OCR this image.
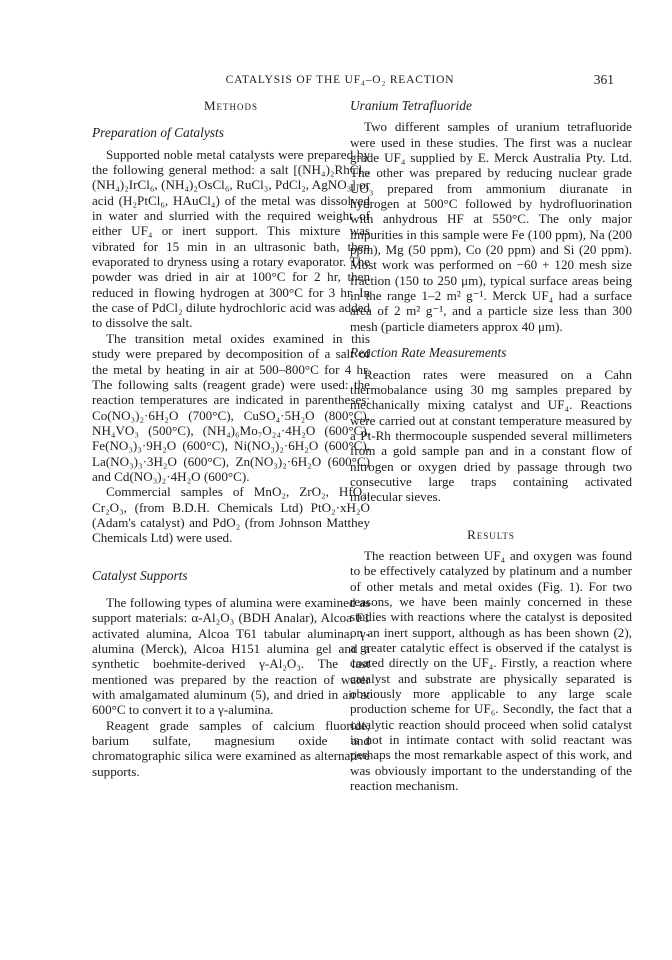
CATALYSIS OF THE UF₄–O₂ REACTION	361
Methods
Preparation of Catalysts

Supported noble metal catalysts were prepared by the following general method: a salt [(NH₄)₂RhCl₆, (NH₄)₂IrCl₆, (NH₄)₂OsCl₆, RuCl₃, PdCl₂, AgNO₃] or acid (H₂PtCl₆, HAuCl₄) of the metal was dissolved in water and slurried with the required weight of either UF₄ or inert support. This mixture was vibrated for 15 min in an ultrasonic bath, then evaporated to dryness using a rotary evaporator. The powder was dried in air at 100°C for 2 hr, then reduced in flowing hydrogen at 300°C for 3 hr. In the case of PdCl₂ dilute hydrochloric acid was added to dissolve the salt.

The transition metal oxides examined in this study were prepared by decomposition of a salt of the metal by heating in air at 500–800°C for 4 hr. The following salts (reagent grade) were used: the reaction temperatures are indicated in parentheses: Co(NO₃)₂·6H₂O (700°C), CuSO₄·5H₂O (800°C), NH₄VO₃ (500°C), (NH₄)₆Mo₇O₂₄·4H₂O (600°C), Fe(NO₃)₃·9H₂O (600°C), Ni(NO₃)₂·6H₂O (600°C), La(NO₃)₃·3H₂O (600°C), Zn(NO₃)₂·6H₂O (600°C) and Cd(NO₃)₂·4H₂O (600°C).

Commercial samples of MnO₂, ZrO₂, HfO₂, Cr₂O₃, (from B.D.H. Chemicals Ltd) PtO₂·xH₂O (Adam's catalyst) and PdO₂ (from Johnson Matthey Chemicals Ltd) were used.

Catalyst Supports

The following types of alumina were examined as support materials: α-Al₂O₃ (BDH Analar), Alcoa F1 activated alumina, Alcoa T61 tabular alumina, γ-alumina (Merck), Alcoa H151 alumina gel and a synthetic boehmite-derived γ-Al₂O₃. The last mentioned was prepared by the reaction of water with amalgamated aluminum (5), and dried in air at 600°C to convert it to a γ-alumina.

Reagent grade samples of calcium fluoride, barium sulfate, magnesium oxide and chromatographic silica were examined as alternative supports.

Uranium Tetrafluoride

Two different samples of uranium tetrafluoride were used in these studies. The first was a nuclear grade UF₄ supplied by E. Merck Australia Pty. Ltd. The other was prepared by reducing nuclear grade UO₃ prepared from ammonium diuranate in hydrogen at 500°C followed by hydrofluorination with anhydrous HF at 550°C. The only major impurities in this sample were Fe (100 ppm), Na (200 ppm), Mg (50 ppm), Co (20 ppm) and Si (20 ppm). Most work was performed on −60 + 120 mesh size fraction (150 to 250 μm), typical surface areas being in the range 1–2 m² g⁻¹. Merck UF₄ had a surface area of 2 m² g⁻¹, and a particle size less than 300 mesh (particle diameters approx 40 μm).

Reaction Rate Measurements

Reaction rates were measured on a Cahn thermobalance using 30 mg samples prepared by mechanically mixing catalyst and UF₄. Reactions were carried out at constant temperature measured by a Pt-Rh thermocouple suspended several millimeters from a gold sample pan and in a constant flow of nitrogen or oxygen dried by passage through two consecutive large traps containing activated molecular sieves.

Results

The reaction between UF₄ and oxygen was found to be effectively catalyzed by platinum and a number of other metals and metal oxides (Fig. 1). For two reasons, we have been mainly concerned in these studies with reactions where the catalyst is deposited on an inert support, although as has been shown (2), a greater catalytic effect is observed if the catalyst is coated directly on the UF₄. Firstly, a reaction where catalyst and substrate are physically separated is obviously more applicable to any large scale production scheme for UF₆. Secondly, the fact that a catalytic reaction should proceed when solid catalyst is not in intimate contact with solid reactant was perhaps the most remarkable aspect of this work, and was obviously important to the understanding of the reaction mechanism.
